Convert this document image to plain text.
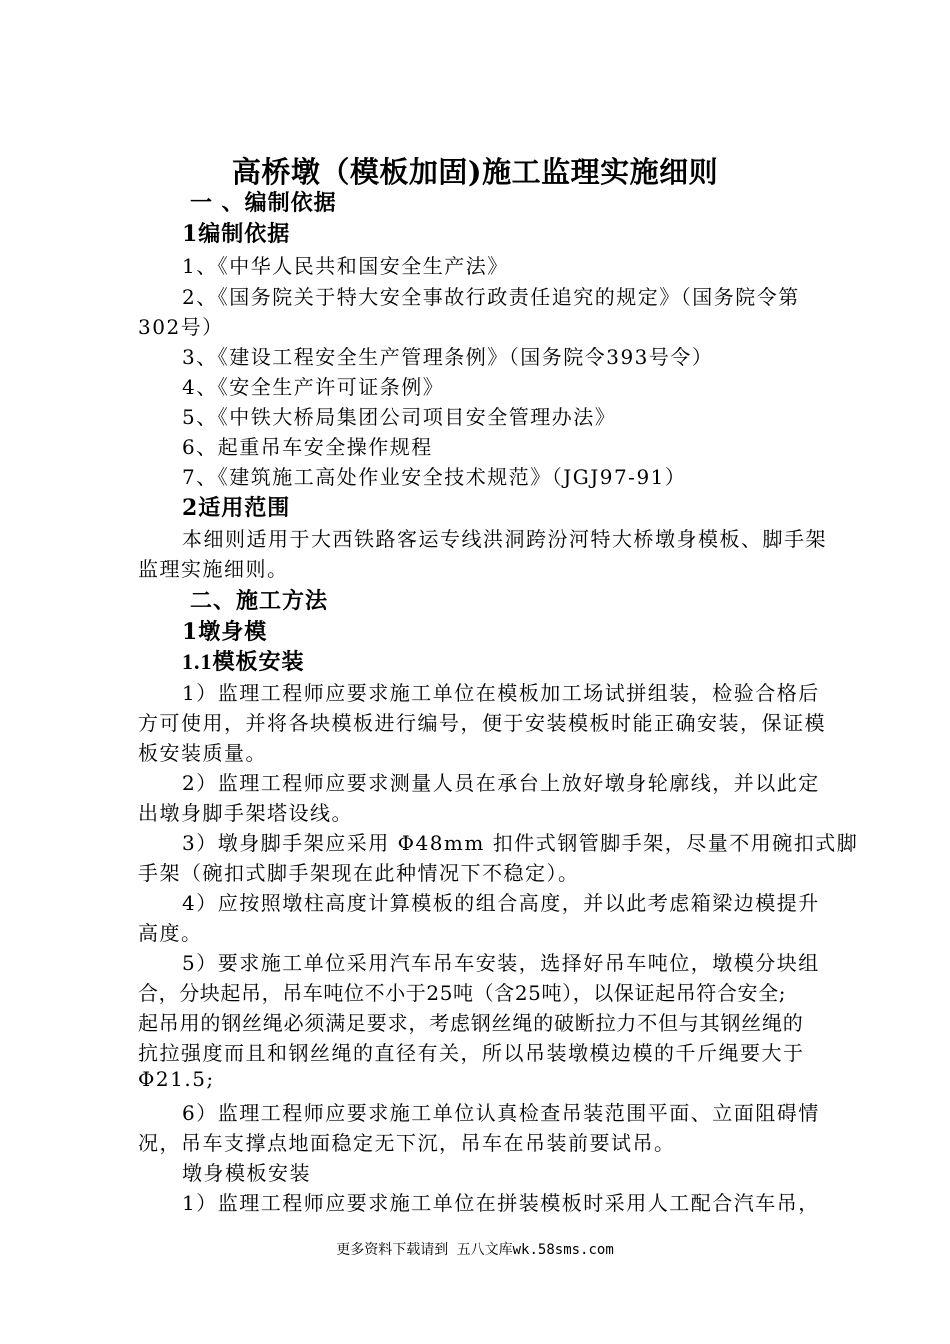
高桥墩（模板加固)施工监理实施细则
一 、编制依据
1编制依据
1、《中华人民共和国安全生产法》
2、《国务院关于特大安全事故行政责任追究的规定》（国务院令第
302号）
3、《建设工程安全生产管理条例》（国务院令393号令）
4、《安全生产许可证条例》
5、《中铁大桥局集团公司项目安全管理办法》
6、起重吊车安全操作规程
7、《建筑施工高处作业安全技术规范》（JGJ97-91）
2适用范围
本细则适用于大西铁路客运专线洪洞跨汾河特大桥墩身模板、脚手架
监理实施细则。
二、施工方法
1墩身模
1.1模板安装
1）监理工程师应要求施工单位在模板加工场试拼组装，检验合格后
方可使用，并将各块模板进行编号，便于安装模板时能正确安装，保证模
板安装质量。
2）监理工程师应要求测量人员在承台上放好墩身轮廓线，并以此定
出墩身脚手架塔设线。
3）墩身脚手架应采用 Φ48mm 扣件式钢管脚手架，尽量不用碗扣式脚
手架（碗扣式脚手架现在此种情况下不稳定）。
4）应按照墩柱高度计算模板的组合高度，并以此考虑箱梁边模提升
高度。
5）要求施工单位采用汽车吊车安装，选择好吊车吨位，墩模分块组
合，分块起吊，吊车吨位不小于25吨（含25吨），以保证起吊符合安全;
起吊用的钢丝绳必须满足要求，考虑钢丝绳的破断拉力不但与其钢丝绳的
抗拉强度而且和钢丝绳的直径有关，所以吊装墩模边模的千斤绳要大于
Φ21.5;
6）监理工程师应要求施工单位认真检查吊装范围平面、立面阻碍情
况，吊车支撑点地面稳定无下沉，吊车在吊装前要试吊。
墩身模板安装
1）监理工程师应要求施工单位在拼装模板时采用人工配合汽车吊，
更多资料下载请到 五八文库wk.58sms.com
